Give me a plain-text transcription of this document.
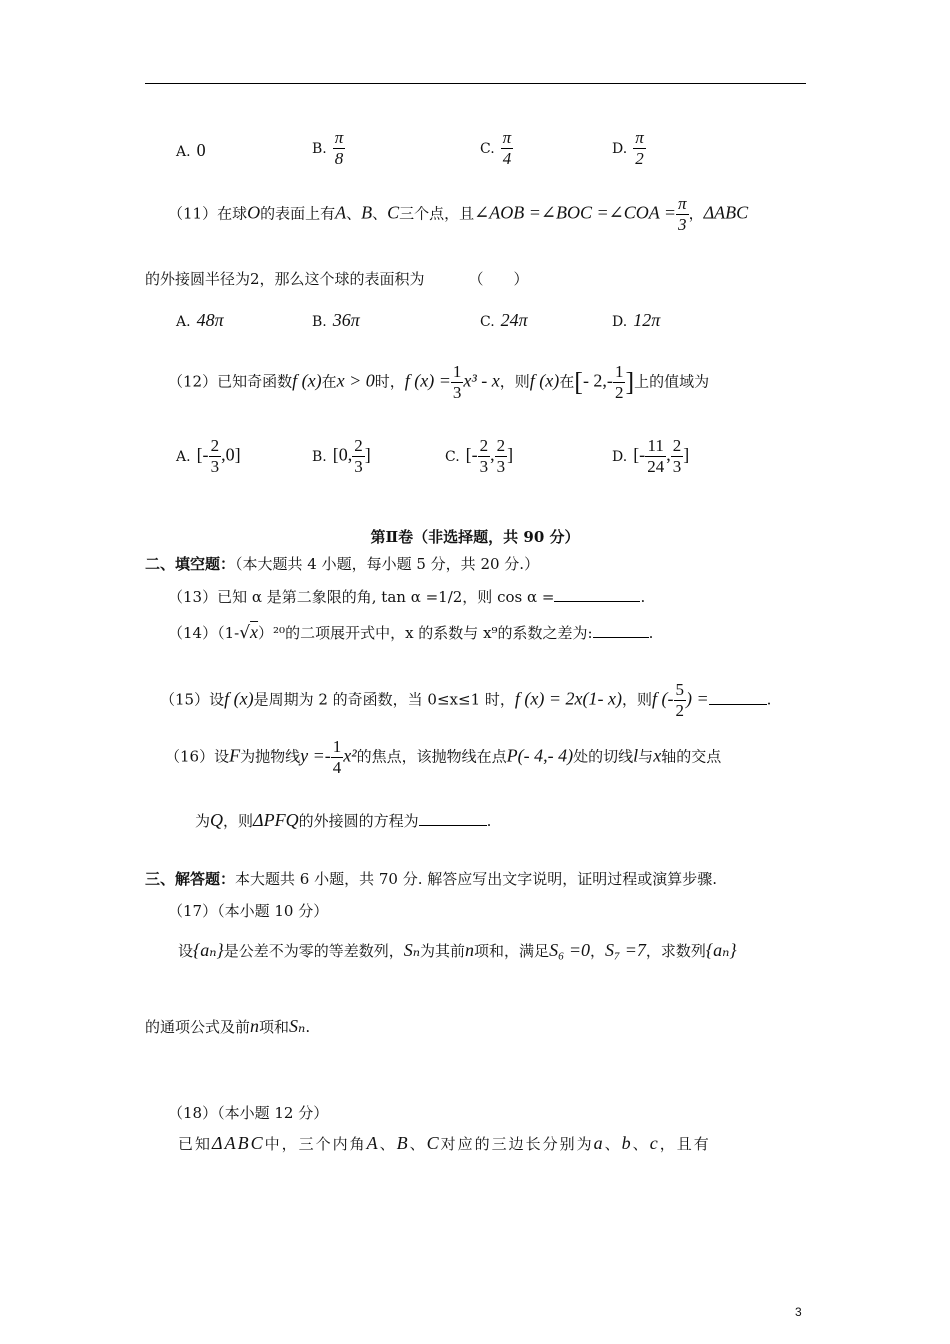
A. 0	B. $\frac{\pi}{8}$	C. $\frac{\pi}{4}$	D. $\frac{\pi}{2}$
（11）在球O的表面上有A、B、C三个点，且∠AOB =∠BOC =∠COA = $\frac{\pi}{3}$ ，ΔABC
的外接圆半径为2，那么这个球的表面积为	（　　）
A. 48π	B. 36π	C. 24π	D. 12π
（12）已知奇函数f (x)在x > 0时，f $(x) = \frac{1}{3} x^3 - x$，则f (x)在[- $2,- \frac{1}{2}$ ]上的值域为
A. [- $\frac{2}{3} ,0$]	B. [0, $\frac{2}{3}$ ]	C. [- $\frac{2}{3}$ , $\frac{2}{3}$ ]	D. [- $\frac{11}{24}$ , $\frac{2}{3}$ ]
第Ⅱ卷（非选择题，共 90 分）
二、填空题：（本大题共 4 小题，每小题 5 分，共 20 分.）
（13）已知 α 是第二象限的角, tan α =1/2，则 cos α =	.
（14）（1-√x）²⁰的二项展开式中，x 的系数与 x⁹的系数之差为:	.
（15）设f (x)是周期为 2 的奇函数，当 0≤x≤1 时，f (x) = 2x(1- x)，则f (- $\frac{5}{2}$ ) =	.
（16）设F为抛物线$y =- \frac{1}{4} x^2$的焦点，该抛物线在点P(- 4,- 4)处的切线l与x轴的交点
为Q，则ΔPFQ的外接圆的方程为	.
三、解答题：本大题共 6 小题，共 70 分. 解答应写出文字说明，证明过程或演算步骤.
（17）（本小题 10 分）
设{aₙ}是公差不为零的等差数列，Sₙ为其前n项和，满足S₆ =0，S₇ =7，求数列{aₙ}
的通项公式及前n项和Sₙ.
（18）（本小题 12 分）
已知ΔABC中，三个内角A、B、C对应的三边长分别为a、b、c，且有
3
